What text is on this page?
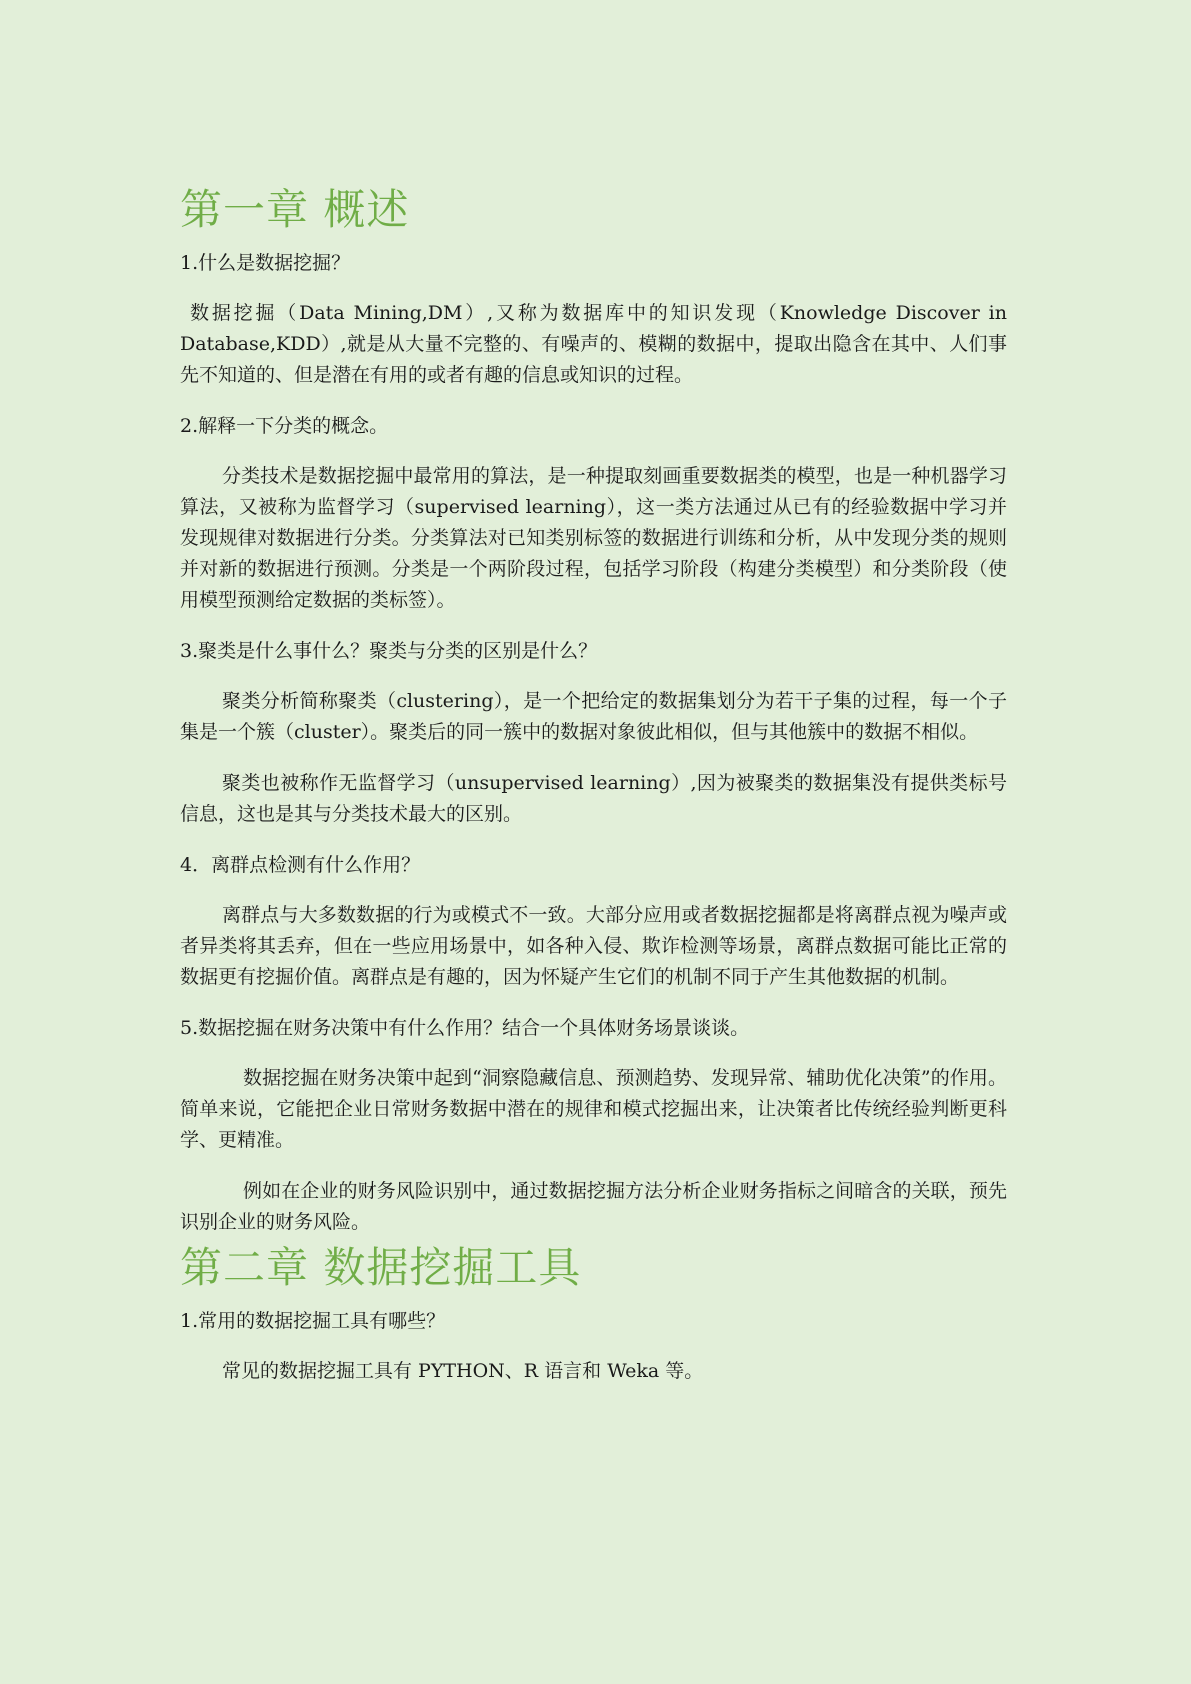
第一章 概述

1.什么是数据挖掘？

数据挖掘（Data Mining,DM）,又称为数据库中的知识发现（Knowledge Discover in Database,KDD）,就是从大量不完整的、有噪声的、模糊的数据中，提取出隐含在其中、人们事先不知道的、但是潜在有用的或者有趣的信息或知识的过程。

2.解释一下分类的概念。

分类技术是数据挖掘中最常用的算法，是一种提取刻画重要数据类的模型，也是一种机器学习算法，又被称为监督学习（supervised learning），这一类方法通过从已有的经验数据中学习并发现规律对数据进行分类。分类算法对已知类别标签的数据进行训练和分析，从中发现分类的规则并对新的数据进行预测。分类是一个两阶段过程，包括学习阶段（构建分类模型）和分类阶段（使用模型预测给定数据的类标签）。

3.聚类是什么事什么？聚类与分类的区别是什么？

聚类分析简称聚类（clustering），是一个把给定的数据集划分为若干子集的过程，每一个子集是一个簇（cluster）。聚类后的同一簇中的数据对象彼此相似，但与其他簇中的数据不相似。

聚类也被称作无监督学习（unsupervised learning）,因为被聚类的数据集没有提供类标号信息，这也是其与分类技术最大的区别。

4．离群点检测有什么作用？

离群点与大多数数据的行为或模式不一致。大部分应用或者数据挖掘都是将离群点视为噪声或者异类将其丢弃，但在一些应用场景中，如各种入侵、欺诈检测等场景，离群点数据可能比正常的数据更有挖掘价值。离群点是有趣的，因为怀疑产生它们的机制不同于产生其他数据的机制。

5.数据挖掘在财务决策中有什么作用？结合一个具体财务场景谈谈。

数据挖掘在财务决策中起到“洞察隐藏信息、预测趋势、发现异常、辅助优化决策”的作用。简单来说，它能把企业日常财务数据中潜在的规律和模式挖掘出来，让决策者比传统经验判断更科学、更精准。

例如在企业的财务风险识别中，通过数据挖掘方法分析企业财务指标之间暗含的关联，预先识别企业的财务风险。

第二章 数据挖掘工具

1.常用的数据挖掘工具有哪些？

常见的数据挖掘工具有 PYTHON、R 语言和 Weka 等。
